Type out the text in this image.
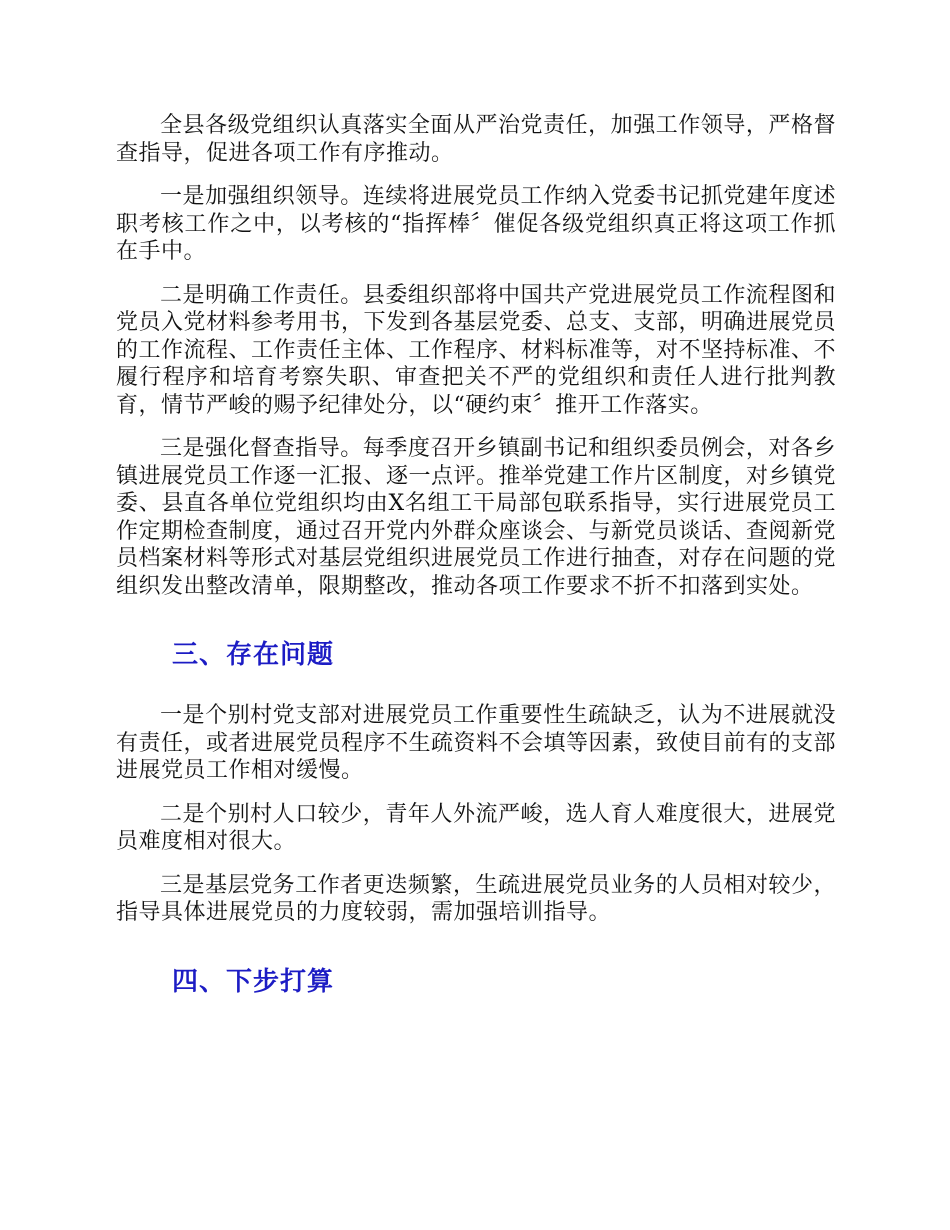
全县各级党组织认真落实全面从严治党责任，加强工作领导，严格督查指导，促进各项工作有序推动。

一是加强组织领导。连续将进展党员工作纳入党委书记抓党建年度述职考核工作之中，以考核的“指挥棒〞催促各级党组织真正将这项工作抓在手中。

二是明确工作责任。县委组织部将中国共产党进展党员工作流程图和党员入党材料参考用书，下发到各基层党委、总支、支部，明确进展党员的工作流程、工作责任主体、工作程序、材料标准等，对不坚持标准、不履行程序和培育考察失职、审查把关不严的党组织和责任人进行批判教育，情节严峻的赐予纪律处分，以“硬约束〞推开工作落实。

三是强化督查指导。每季度召开乡镇副书记和组织委员例会，对各乡镇进展党员工作逐一汇报、逐一点评。推举党建工作片区制度，对乡镇党委、县直各单位党组织均由X名组工干局部包联系指导，实行进展党员工作定期检查制度，通过召开党内外群众座谈会、与新党员谈话、查阅新党员档案材料等形式对基层党组织进展党员工作进行抽查，对存在问题的党组织发出整改清单，限期整改，推动各项工作要求不折不扣落到实处。

三、存在问题

一是个别村党支部对进展党员工作重要性生疏缺乏，认为不进展就没有责任，或者进展党员程序不生疏资料不会填等因素，致使目前有的支部进展党员工作相对缓慢。

二是个别村人口较少，青年人外流严峻，选人育人难度很大，进展党员难度相对很大。

三是基层党务工作者更迭频繁，生疏进展党员业务的人员相对较少，指导具体进展党员的力度较弱，需加强培训指导。

四、下步打算
